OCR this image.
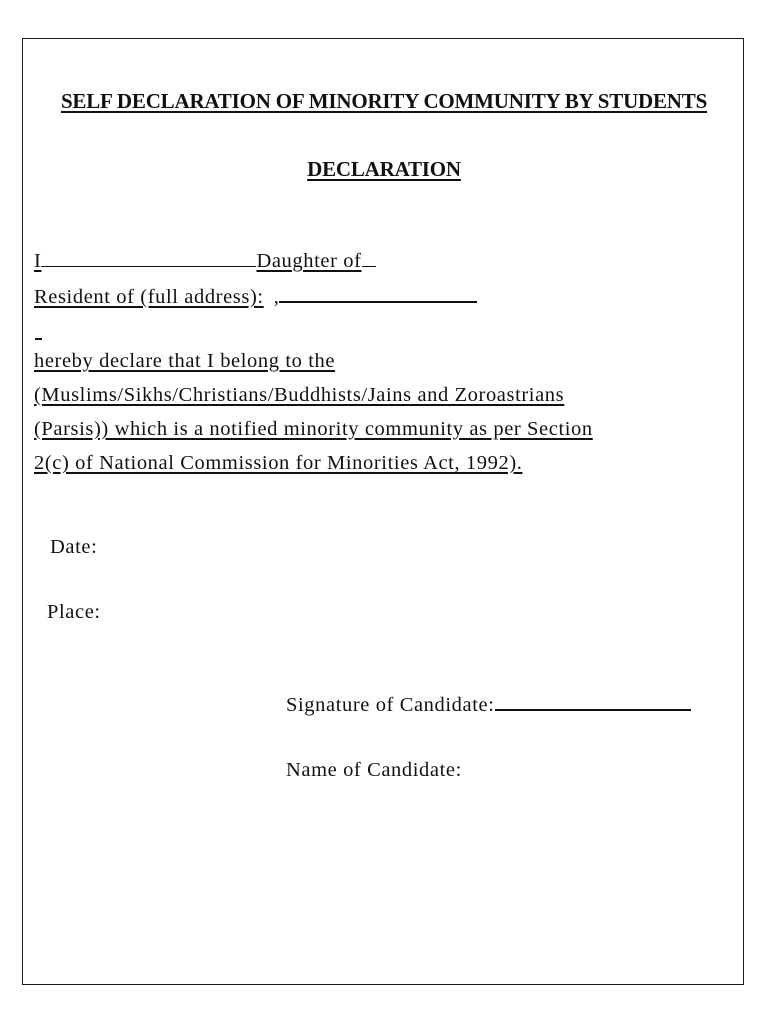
SELF DECLARATION OF MINORITY COMMUNITY BY STUDENTS
DECLARATION
I	Daughter of
Resident of (full address): ,
hereby declare that I belong to the
(Muslims/Sikhs/Christians/Buddhists/Jains and Zoroastrians
(Parsis)) which is a notified minority community as per Section
2(c) of National Commission for Minorities Act, 1992).
Date:
Place:
Signature of Candidate:
Name of Candidate:
